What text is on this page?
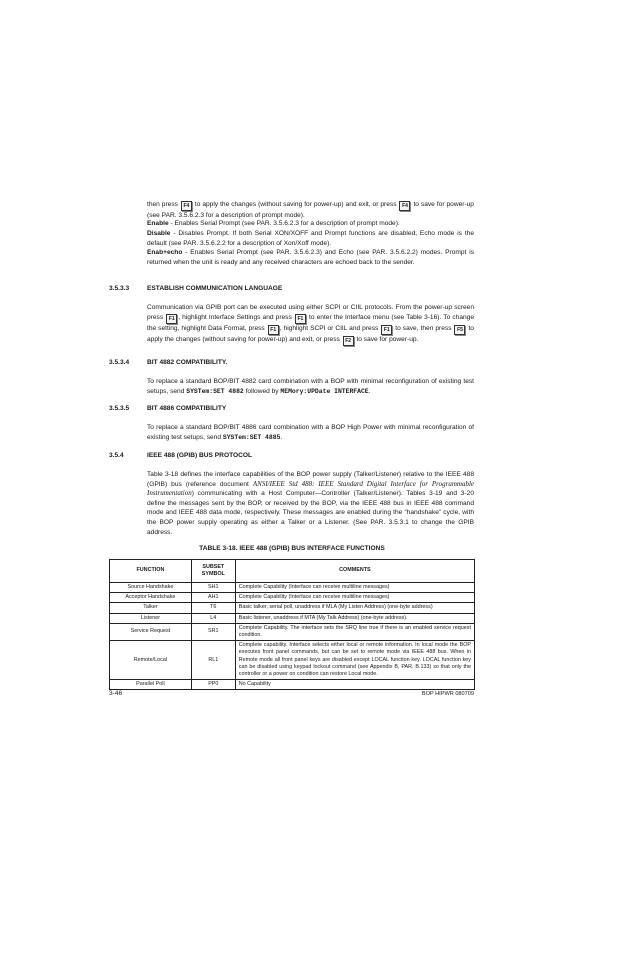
then press F4 to apply the changes (without saving for power-up) and exit, or press F4 to save for power-up (see PAR. 3.5.6.2.3 for a description of prompt mode).

Enable - Enables Serial Prompt (see PAR. 3.5.6.2.3 for a description of prompt mode).

Disable - Disables Prompt. If both Serial XON/XOFF and Prompt functions are disabled, Echo mode is the default (see PAR. 3.5.6.2.2 for a description of Xon/Xoff mode).

Enab+echo - Enables Serial Prompt (see PAR. 3.5.6.2.3) and Echo (see PAR. 3.5.6.2.2) modes. Prompt is returned when the unit is ready and any received characters are echoed back to the sender.

3.5.3.3	ESTABLISH COMMUNICATION LANGUAGE

Communication via GPIB port can be executed using either SCPI or CIIL protocols. From the power-up screen press F1 , highlight Interface Settings and press F1 to enter the Interface menu (see Table 3-16). To change the setting, highlight Data Format, press F1 , highlight SCPI or CIIL and press F1 to save, then press F5 to apply the changes (without saving for power-up) and exit, or press F2 to save for power-up.

3.5.3.4	BIT 4882 COMPATIBILITY.

To replace a standard BOP/BIT 4882 card combination with a BOP with minimal reconfiguration of existing test setups, send SYSTem:SET 4882 followed by MEMory:UPDate INTERFACE.

3.5.3.5	BIT 4886 COMPATIBILITY

To replace a standard BOP/BIT 4886 card combination with a BOP High Power with minimal reconfiguration of existing test setups, send SYSTem:SET 4885.

3.5.4	IEEE 488 (GPIB) BUS PROTOCOL

Table 3-18 defines the interface capabilities of the BOP power supply (Talker/Listener) relative to the IEEE 488 (GPIB) bus (reference document ANSI/IEEE Std 488: IEEE Standard Digital Interface for Programmable Instrumentation) communicating with a Host Computer—Controller (Talker/Listener). Tables 3-19 and 3-20 define the messages sent by the BOP, or received by the BOP, via the IEEE 488 bus in IEEE 488 command mode and IEEE 488 data mode, respectively. These messages are enabled during the “handshake” cycle, with the BOP power supply operating as either a Talker or a Listener. (See PAR. 3.5.3.1 to change the GPIB address.

TABLE 3-18. IEEE 488 (GPIB) BUS INTERFACE FUNCTIONS
FUNCTION	SUBSET SYMBOL	COMMENTS
Source Handshake	SH1	Complete Capability (Interface can receive multiline messages)
Acceptor Handshake	AH1	Complete Capability (Interface can receive multiline messages)
Talker	T6	Basic talker, serial poll, unaddress if MLA (My Listen Address) (one-byte address)
Listener	L4	Basic listener, unaddress if MTA (My Talk Address) (one-byte address).
Service Request	SR1	Complete Capability. The interface sets the SRQ line true if there is an enabled service request condition.
Remote/Local	RL1	Complete capability. Interface selects either local or remote information. In local mode the BOP executes front panel commands, but can be set to remote mode via IEEE 488 bus. When in Remote mode all front panel keys are disabled except LOCAL function key. LOCAL function key can be disabled using keypad lockout command (see Appendix B, PAR. B.133) so that only the controller or a power on condition can restore Local mode.
Parallel Poll	PP0	No Capability
3-46	BOP HIPWR 080709
